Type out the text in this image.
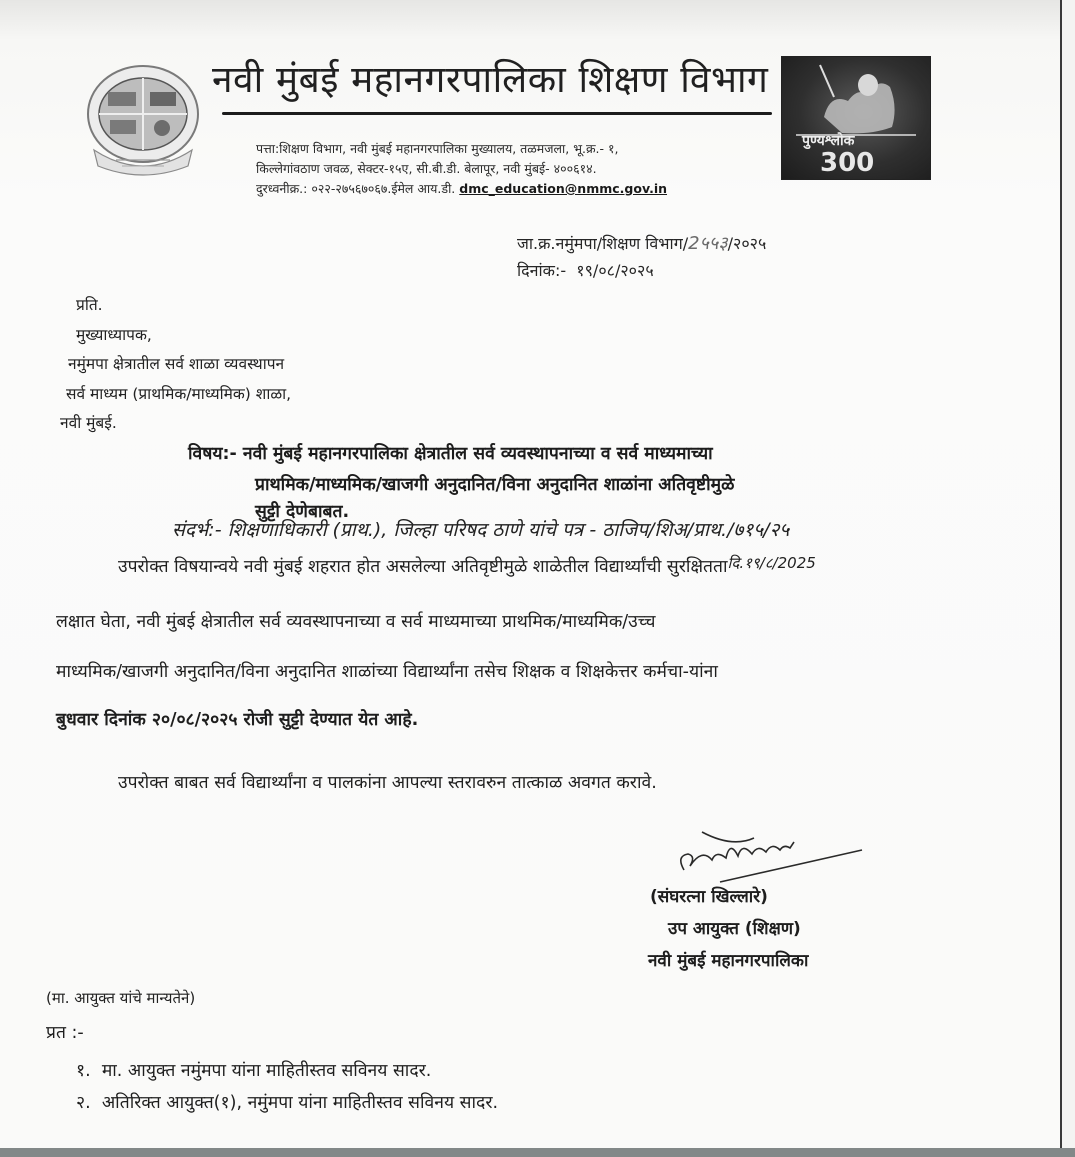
नवी मुंबई महानगरपालिका शिक्षण विभाग
पत्ता:शिक्षण विभाग, नवी मुंबई महानगरपालिका मुख्यालय, तळमजला, भू.क्र.- १,
किल्लेगांवठाण जवळ, सेक्टर-१५ए, सी.बी.डी. बेलापूर, नवी मुंबई- ४००६१४.
दुरध्वनीक्र.: ०२२-२७५६७०६७.ईमेल आय.डी. dmc_education@nmmc.gov.in
पुण्यश्लोक
300
जा.क्र.नमुंमपा/शिक्षण विभाग/2५५३/२०२५
दिनांक:- १९/०८/२०२५
प्रति.
मुख्याध्यापक,
नमुंमपा क्षेत्रातील सर्व शाळा व्यवस्थापन
सर्व माध्यम (प्राथमिक/माध्यमिक) शाळा,
नवी मुंबई.
विषय:- नवी मुंबई महानगरपालिका क्षेत्रातील सर्व व्यवस्थापनाच्या व सर्व माध्यमाच्या
प्राथमिक/माध्यमिक/खाजगी अनुदानित/विना अनुदानित शाळांना अतिवृष्टीमुळे
सुट्टी देणेबाबत.
संदर्भ:- शिक्षणाधिकारी (प्राथ.), जिल्हा परिषद ठाणे यांचे पत्र - ठाजिप/शिअ/प्राथ./७१५/२५
उपरोक्त विषयान्वये नवी मुंबई शहरात होत असलेल्या अतिवृष्टीमुळे शाळेतील विद्यार्थ्यांची सुरक्षिततादि.१९/८/2025
लक्षात घेता, नवी मुंबई क्षेत्रातील सर्व व्यवस्थापनाच्या व सर्व माध्यमाच्या प्राथमिक/माध्यमिक/उच्च
माध्यमिक/खाजगी अनुदानित/विना अनुदानित शाळांच्या विद्यार्थ्यांना तसेच शिक्षक व शिक्षकेत्तर कर्मचा-यांना
बुधवार दिनांक २०/०८/२०२५ रोजी सुट्टी देण्यात येत आहे.
उपरोक्त बाबत सर्व विद्यार्थ्यांना व पालकांना आपल्या स्तरावरुन तात्काळ अवगत करावे.
(संघरत्ना खिल्लारे)
उप आयुक्त (शिक्षण)
नवी मुंबई महानगरपालिका
(मा. आयुक्त यांचे मान्यतेने)
प्रत :-
१. मा. आयुक्त नमुंमपा यांना माहितीस्तव सविनय सादर.
२. अतिरिक्त आयुक्त(१), नमुंमपा यांना माहितीस्तव सविनय सादर.
